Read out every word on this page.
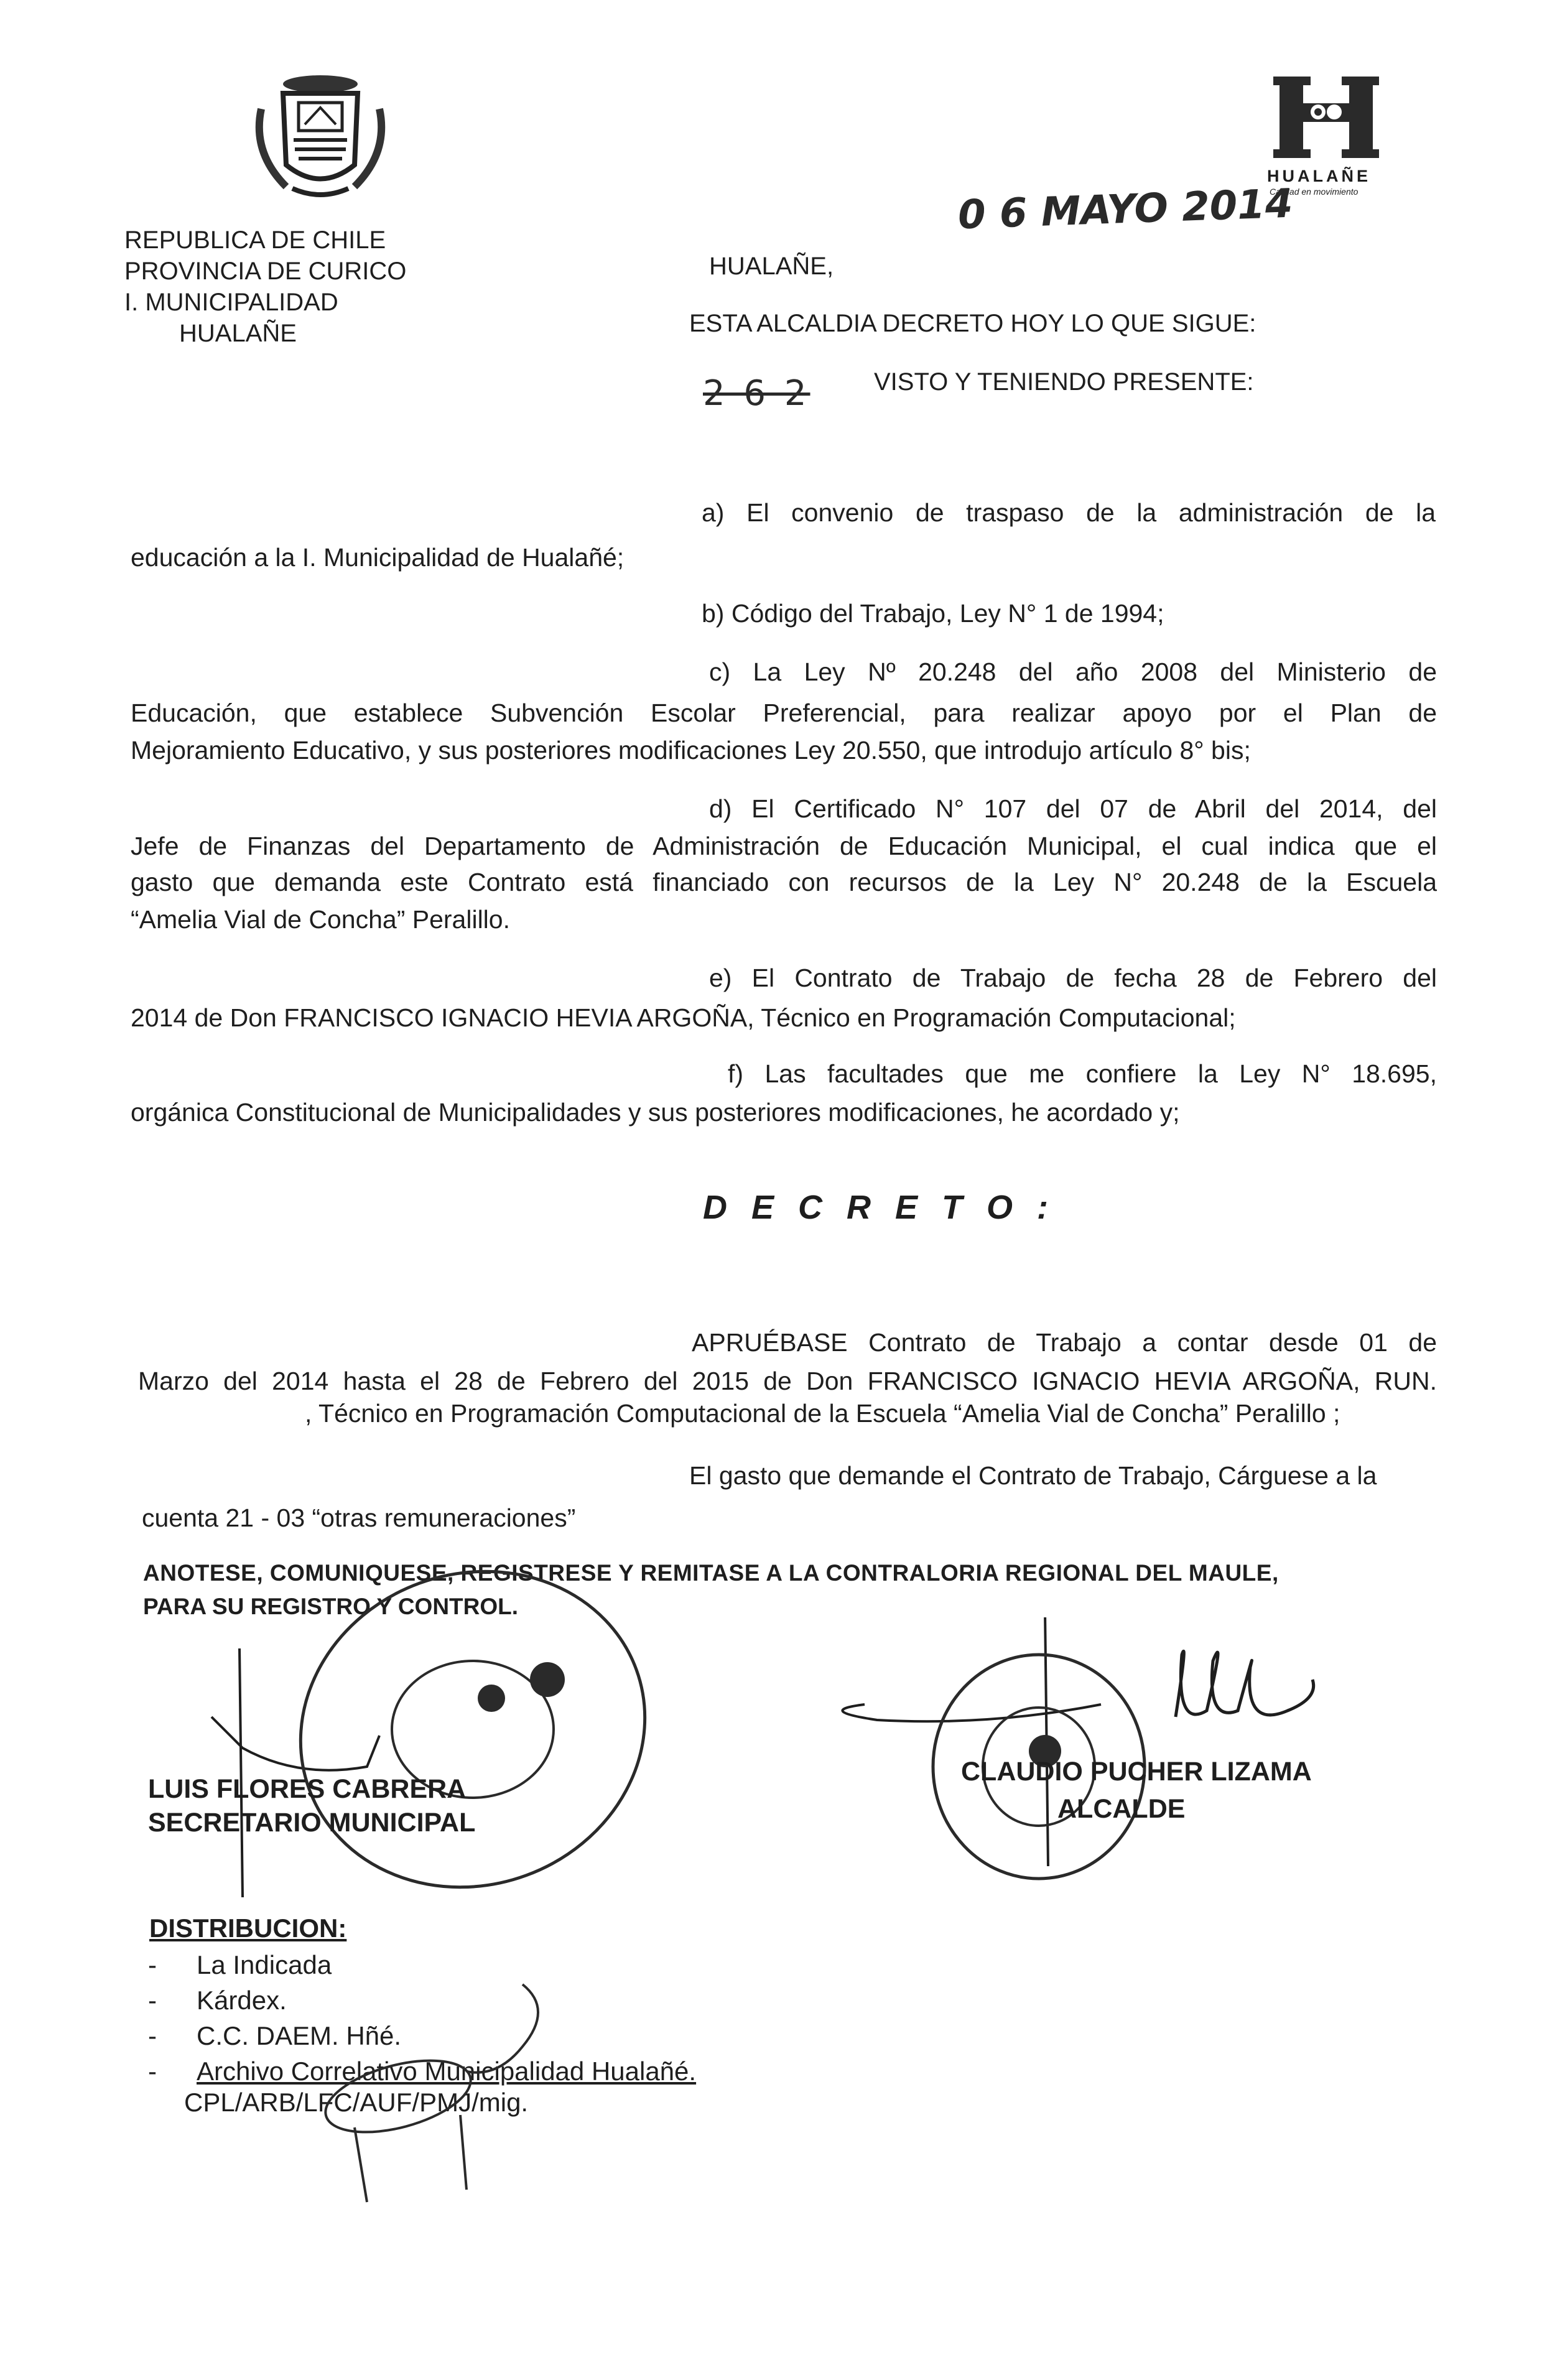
HUALAÑE
Calidad en movimiento
REPUBLICA DE CHILE
PROVINCIA DE CURICO
I. MUNICIPALIDAD
HUALAÑE
0 6 MAYO 2014
HUALAÑE,
ESTA ALCALDIA DECRETO HOY LO QUE SIGUE:
2 6 2	VISTO Y TENIENDO PRESENTE:
a) El convenio de traspaso de la administración de la
educación a la I. Municipalidad de Hualañé;
b) Código del Trabajo, Ley N° 1 de 1994;
c) La Ley Nº 20.248 del año 2008 del Ministerio de
Educación, que establece Subvención Escolar Preferencial, para realizar apoyo por el Plan de
Mejoramiento Educativo, y sus posteriores modificaciones Ley 20.550, que introdujo artículo 8° bis;
d) El Certificado N° 107 del 07 de Abril del 2014, del
Jefe de Finanzas del Departamento de Administración de Educación Municipal, el cual indica que el
gasto que demanda este Contrato está financiado con recursos de la Ley N° 20.248 de la Escuela
“Amelia Vial de Concha” Peralillo.
e) El Contrato de Trabajo de fecha 28 de Febrero del
2014 de Don FRANCISCO IGNACIO HEVIA ARGOÑA, Técnico en Programación Computacional;
f) Las facultades que me confiere la Ley N° 18.695,
orgánica Constitucional de Municipalidades y sus posteriores modificaciones, he acordado y;
D E C R E T O :
APRUÉBASE Contrato de Trabajo a contar desde 01 de
Marzo del 2014 hasta el 28 de Febrero del 2015 de Don FRANCISCO IGNACIO HEVIA ARGOÑA, RUN.
, Técnico en Programación Computacional de la Escuela “Amelia Vial de Concha” Peralillo ;
El gasto que demande el Contrato de Trabajo, Cárguese a la
cuenta 21 - 03 “otras remuneraciones”
ANOTESE, COMUNIQUESE, REGISTRESE Y REMITASE A LA CONTRALORIA REGIONAL DEL MAULE,
PARA SU REGISTRO Y CONTROL.
LUIS FLORES CABRERA
SECRETARIO MUNICIPAL
CLAUDIO PUCHER LIZAMA
ALCALDE
DISTRIBUCION:
- La Indicada
- Kárdex.
- C.C. DAEM. Hñé.
- Archivo Correlativo Municipalidad Hualañé.
CPL/ARB/LFC/AUF/PMJ/mig.
